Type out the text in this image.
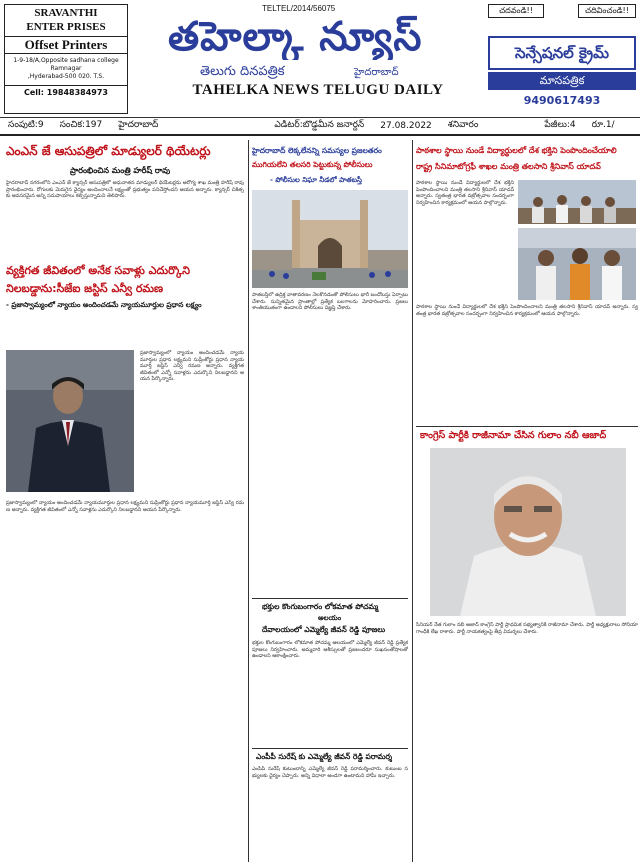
SRAVANTHI
ENTER PRISES
Offset Printers
1-9-18/A,Opposite sadhana college Ramnagar
,Hyderabad-500 020. T.S.
Cell: 19848384973
TELTEL/2014/56075
తహెల్కా న్యూస్
తెలుగు దినపత్రిక	హైదరాబాద్
TAHELKA NEWS TELUGU DAILY
చదవండి!!	చదివించండి!!
సెన్సేషనల్ క్రైమ్
మాసపత్రిక
9490617493
సంపుటి:9	సంచిక:197	హైదరాబాద్	ఎడిటర్:బొడ్డమీన జనార్దన్	27.08.2022	శనివారం	పేజీలు:4	రూ.1/
ఎంఎన్ జే ఆసుపత్రిలో మాడ్యులర్ థియేటర్లు
ప్రారంభించిన మంత్రి హరీష్ రావు
హైదరాబాద్ నగరంలోని ఎంఎన్ జే క్యాన్సర్ ఆసుపత్రిలో అధునాతన మాడ్యులర్ థియేటర్లను ఆరోగ్య శాఖ మంత్రి హరీష్ రావు ప్రారంభించారు. రోగులకు మెరుగైన వైద్యం అందించాలనే లక్ష్యంతో ప్రభుత్వం పనిచేస్తోందని ఆయన అన్నారు. క్యాన్సర్ చికిత్సకు అవసరమైన అన్ని సదుపాయాలు కల్పిస్తున్నామని తెలిపారు.
వ్యక్తిగత జీవితంలో అనేక సవాళ్లు ఎదుర్కొని
నిలబడ్డాను:సీజేఐ జస్టిస్ ఎన్వీ రమణ
- ప్రజాస్వామ్యంలో న్యాయం అందించడమే న్యాయమూర్తుల ప్రధాన లక్ష్యం
ప్రజాస్వామ్యంలో న్యాయం అందించడమే న్యాయమూర్తుల ప్రధాన లక్ష్యమని సుప్రీంకోర్టు ప్రధాన న్యాయమూర్తి జస్టిస్ ఎన్వీ రమణ అన్నారు. వ్యక్తిగత జీవితంలో ఎన్నో సవాళ్లను ఎదుర్కొని నిలబడ్డానని ఆయన పేర్కొన్నారు.
ప్రజాస్వామ్యంలో న్యాయం అందించడమే న్యాయమూర్తుల ప్రధాన లక్ష్యమని సుప్రీంకోర్టు ప్రధాన న్యాయమూర్తి జస్టిస్ ఎన్వీ రమణ అన్నారు. వ్యక్తిగత జీవితంలో ఎన్నో సవాళ్లను ఎదుర్కొని నిలబడ్డానని ఆయన పేర్కొన్నారు.
హైదరాబాద్ లెక్కలేనన్ని సమస్యల ప్రజలతరం
ముగియలేని తలసరి పెట్టుకున్న పోలీసులు
- పోలీసుల నిఘా నీడలో పాతబస్తీ
పాతబస్తీలో ఉద్రిక్త వాతావరణం నెలకొనడంతో పోలీసులు భారీ బందోబస్తు ఏర్పాటు చేశారు. సున్నితమైన ప్రాంతాల్లో ప్రత్యేక బలగాలను మోహరించారు. ప్రజలు శాంతియుతంగా ఉండాలని పోలీసులు విజ్ఞప్తి చేశారు.
భక్తుల కొంగుబంగారం లోకమాత పోచమ్మ
అలయం
దేవాలయంలో ఎమ్మెల్యే జీవన్ రెడ్డి పూజలు
భక్తుల కొంగుబంగారం లోకమాత పోచమ్మ ఆలయంలో ఎమ్మెల్యే జీవన్ రెడ్డి ప్రత్యేక పూజలు నిర్వహించారు. అమ్మవారి ఆశీస్సులతో ప్రజలందరూ సుఖసంతోషాలతో ఉండాలని ఆకాంక్షించారు.
ఎంపీపీ సురేష్ కు ఎమ్మెల్యే జీవన్ రెడ్డి పరామర్శ
ఎంపీపీ సురేష్ కుటుంబాన్ని ఎమ్మెల్యే జీవన్ రెడ్డి పరామర్శించారు. కుటుంబ సభ్యులకు ధైర్యం చెప్పారు. అన్ని విధాలా అండగా ఉంటామని హామీ ఇచ్చారు.
పాఠశాల స్థాయి నుండే విద్యార్థులలో దేశ భక్తిని పెంపొందించేయాలి
రాష్ట్ర సినిమాటోగ్రఫీ శాఖల మంత్రి తలసాని శ్రీనివాస్ యాదవ్
పాఠశాల స్థాయి నుండే విద్యార్థులలో దేశ భక్తిని పెంపొందించాలని మంత్రి తలసాని శ్రీనివాస్ యాదవ్ అన్నారు. స్వతంత్ర భారత వజ్రోత్సవాల సందర్భంగా నిర్వహించిన కార్యక్రమంలో ఆయన పాల్గొన్నారు.
పాఠశాల స్థాయి నుండే విద్యార్థులలో దేశ భక్తిని పెంపొందించాలని మంత్రి తలసాని శ్రీనివాస్ యాదవ్ అన్నారు. స్వతంత్ర భారత వజ్రోత్సవాల సందర్భంగా నిర్వహించిన కార్యక్రమంలో ఆయన పాల్గొన్నారు.
కాంగ్రెస్ పార్టీకి రాజీనామా చేసిన గులాం నబీ ఆజాద్
సీనియర్ నేత గులాం నబీ ఆజాద్ కాంగ్రెస్ పార్టీ ప్రాథమిక సభ్యత్వానికి రాజీనామా చేశారు. పార్టీ అధ్యక్షురాలు సోనియా గాంధీకి లేఖ రాశారు. పార్టీ నాయకత్వంపై తీవ్ర విమర్శలు చేశారు.
